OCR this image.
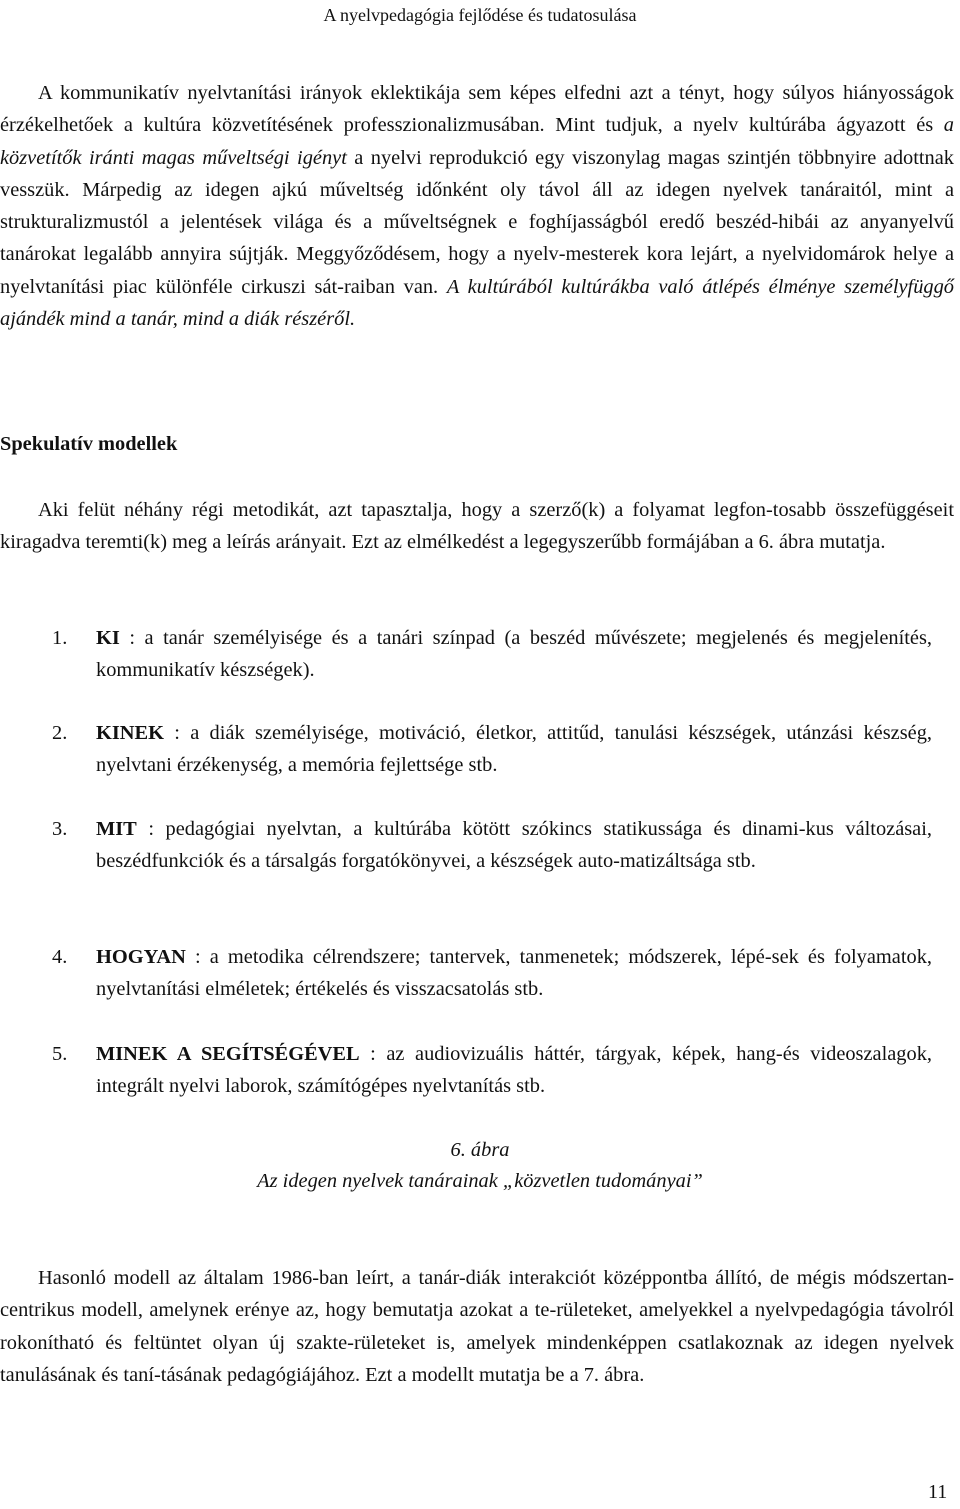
A nyelvpedagógia fejlődése és tudatosulása

A kommunikatív nyelvtanítási irányok eklektikája sem képes elfedni azt a tényt, hogy súlyos hiányosságok érzékelhetőek a kultúra közvetítésének professzionalizmusában. Mint tudjuk, a nyelv kultúrába ágyazott és a közvetítők iránti magas műveltségi igényt a nyelvi reprodukció egy viszonylag magas szintjén többnyire adottnak vesszük. Márpedig az idegen ajkú műveltség időnként oly távol áll az idegen nyelvek tanáraitól, mint a strukturalizmustól a jelentések világa és a műveltségnek e foghíjasságból eredő beszéd-hibái az anyanyelvű tanárokat legalább annyira sújtják. Meggyőződésem, hogy a nyelv-mesterek kora lejárt, a nyelvidomárok helye a nyelvtanítási piac különféle cirkuszi sát-raiban van. A kultúrából kultúrákba való átlépés élménye személyfüggő ajándék mind a tanár, mind a diák részéről.

Spekulatív modellek

Aki felüt néhány régi metodikát, azt tapasztalja, hogy a szerző(k) a folyamat legfon-tosabb összefüggéseit kiragadva teremti(k) meg a leírás arányait. Ezt az elmélkedést a legegyszerűbb formájában a 6. ábra mutatja.

1. KI : a tanár személyisége és a tanári színpad (a beszéd művészete; megjelenés és megjelenítés, kommunikatív készségek).

2. KINEK : a diák személyisége, motiváció, életkor, attitűd, tanulási készségek, utánzási készség, nyelvtani érzékenység, a memória fejlettsége stb.

3. MIT : pedagógiai nyelvtan, a kultúrába kötött szókincs statikussága és dinami-kus változásai, beszédfunkciók és a társalgás forgatókönyvei, a készségek auto-matizáltsága stb.

4. HOGYAN : a metodika célrendszere; tantervek, tanmenetek; módszerek, lépé-sek és folyamatok, nyelvtanítási elméletek; értékelés és visszacsatolás stb.

5. MINEK A SEGÍTSÉGÉVEL : az audiovizuális háttér, tárgyak, képek, hang-és videoszalagok, integrált nyelvi laborok, számítógépes nyelvtanítás stb.

6. ábra
Az idegen nyelvek tanárainak „közvetlen tudományai”

Hasonló modell az általam 1986-ban leírt, a tanár-diák interakciót középpontba állító, de mégis módszertan-centrikus modell, amelynek erénye az, hogy bemutatja azokat a te-rületeket, amelyekkel a nyelvpedagógia távolról rokonítható és feltüntet olyan új szakte-rületeket is, amelyek mindenképpen csatlakoznak az idegen nyelvek tanulásának és taní-tásának pedagógiájához. Ezt a modellt mutatja be a 7. ábra.

11
